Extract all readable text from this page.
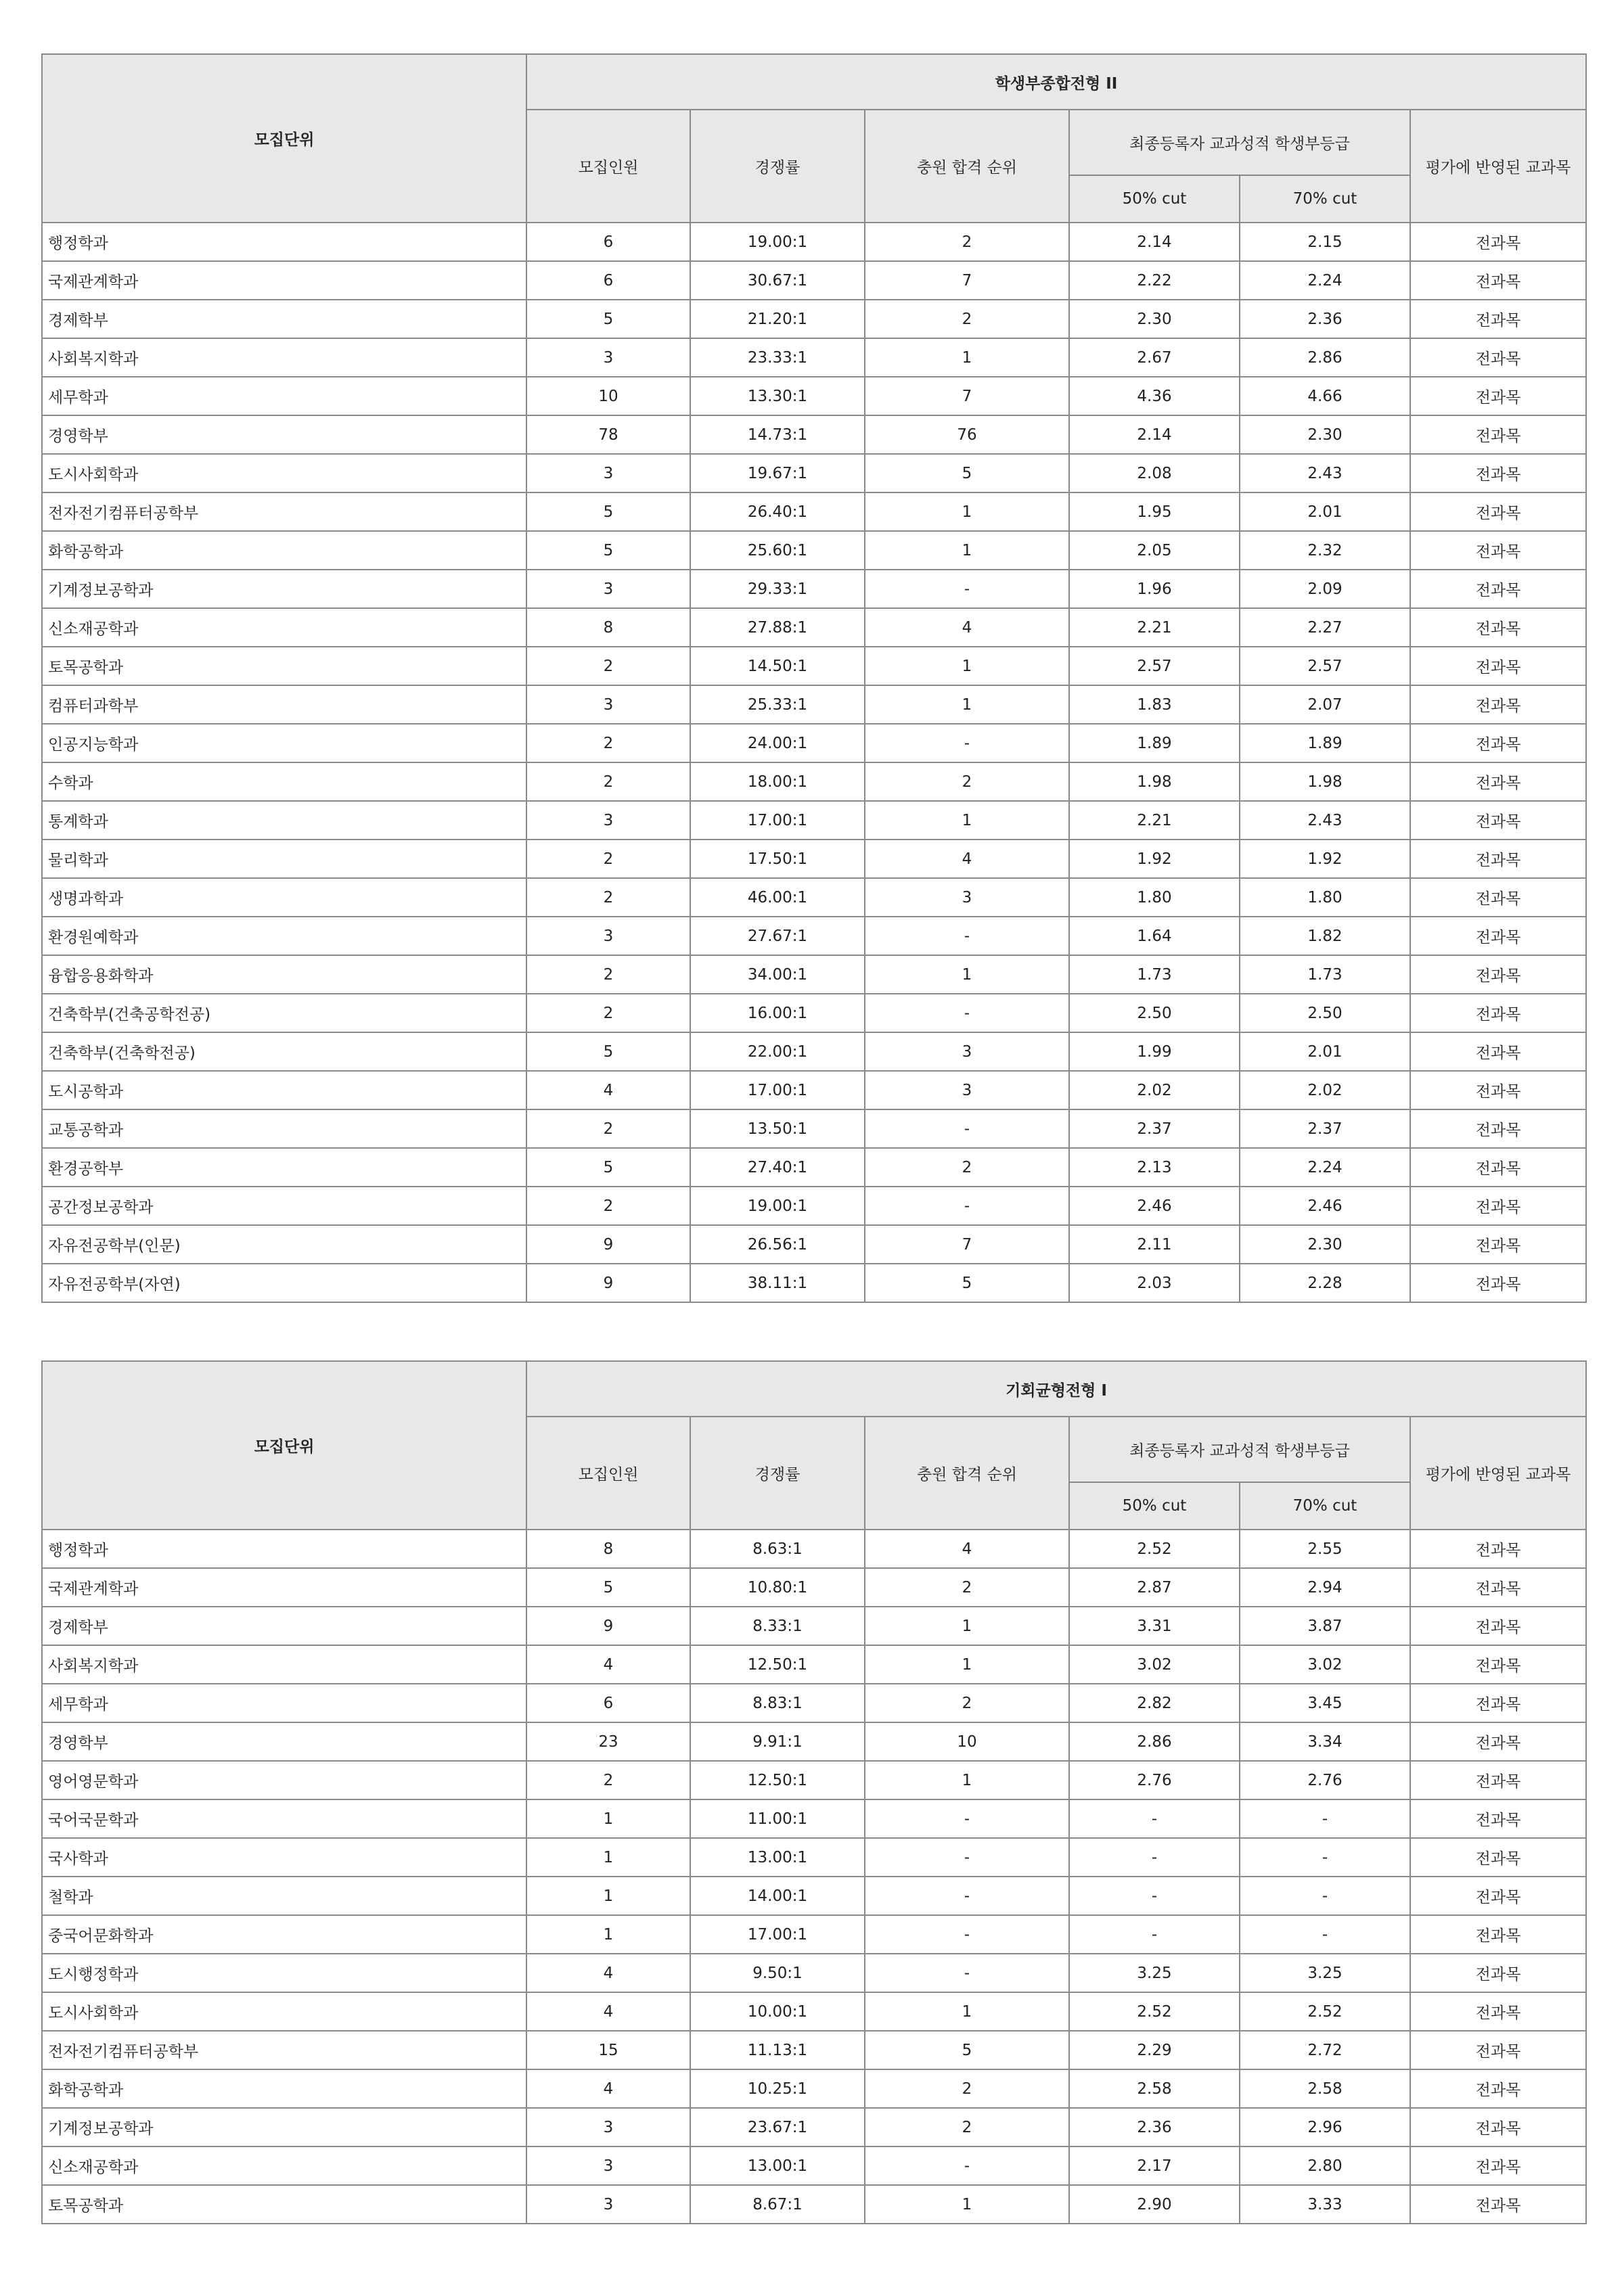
모집단위	학생부종합전형 II					
	모집인원	경쟁률	충원 합격 순위	최종등록자 교과성적 학생부등급		평가에 반영된 교과목
				50% cut	70% cut	
행정학과	6	19.00:1	2	2.14	2.15	전과목
국제관계학과	6	30.67:1	7	2.22	2.24	전과목
경제학부	5	21.20:1	2	2.30	2.36	전과목
사회복지학과	3	23.33:1	1	2.67	2.86	전과목
세무학과	10	13.30:1	7	4.36	4.66	전과목
경영학부	78	14.73:1	76	2.14	2.30	전과목
도시사회학과	3	19.67:1	5	2.08	2.43	전과목
전자전기컴퓨터공학부	5	26.40:1	1	1.95	2.01	전과목
화학공학과	5	25.60:1	1	2.05	2.32	전과목
기계정보공학과	3	29.33:1	-	1.96	2.09	전과목
신소재공학과	8	27.88:1	4	2.21	2.27	전과목
토목공학과	2	14.50:1	1	2.57	2.57	전과목
컴퓨터과학부	3	25.33:1	1	1.83	2.07	전과목
인공지능학과	2	24.00:1	-	1.89	1.89	전과목
수학과	2	18.00:1	2	1.98	1.98	전과목
통계학과	3	17.00:1	1	2.21	2.43	전과목
물리학과	2	17.50:1	4	1.92	1.92	전과목
생명과학과	2	46.00:1	3	1.80	1.80	전과목
환경원예학과	3	27.67:1	-	1.64	1.82	전과목
융합응용화학과	2	34.00:1	1	1.73	1.73	전과목
건축학부(건축공학전공)	2	16.00:1	-	2.50	2.50	전과목
건축학부(건축학전공)	5	22.00:1	3	1.99	2.01	전과목
도시공학과	4	17.00:1	3	2.02	2.02	전과목
교통공학과	2	13.50:1	-	2.37	2.37	전과목
환경공학부	5	27.40:1	2	2.13	2.24	전과목
공간정보공학과	2	19.00:1	-	2.46	2.46	전과목
자유전공학부(인문)	9	26.56:1	7	2.11	2.30	전과목
자유전공학부(자연)	9	38.11:1	5	2.03	2.28	전과목
모집단위	기회균형전형 I					
	모집인원	경쟁률	충원 합격 순위	최종등록자 교과성적 학생부등급		평가에 반영된 교과목
				50% cut	70% cut	
행정학과	8	8.63:1	4	2.52	2.55	전과목
국제관계학과	5	10.80:1	2	2.87	2.94	전과목
경제학부	9	8.33:1	1	3.31	3.87	전과목
사회복지학과	4	12.50:1	1	3.02	3.02	전과목
세무학과	6	8.83:1	2	2.82	3.45	전과목
경영학부	23	9.91:1	10	2.86	3.34	전과목
영어영문학과	2	12.50:1	1	2.76	2.76	전과목
국어국문학과	1	11.00:1	-	-	-	전과목
국사학과	1	13.00:1	-	-	-	전과목
철학과	1	14.00:1	-	-	-	전과목
중국어문화학과	1	17.00:1	-	-	-	전과목
도시행정학과	4	9.50:1	-	3.25	3.25	전과목
도시사회학과	4	10.00:1	1	2.52	2.52	전과목
전자전기컴퓨터공학부	15	11.13:1	5	2.29	2.72	전과목
화학공학과	4	10.25:1	2	2.58	2.58	전과목
기계정보공학과	3	23.67:1	2	2.36	2.96	전과목
신소재공학과	3	13.00:1	-	2.17	2.80	전과목
토목공학과	3	8.67:1	1	2.90	3.33	전과목
